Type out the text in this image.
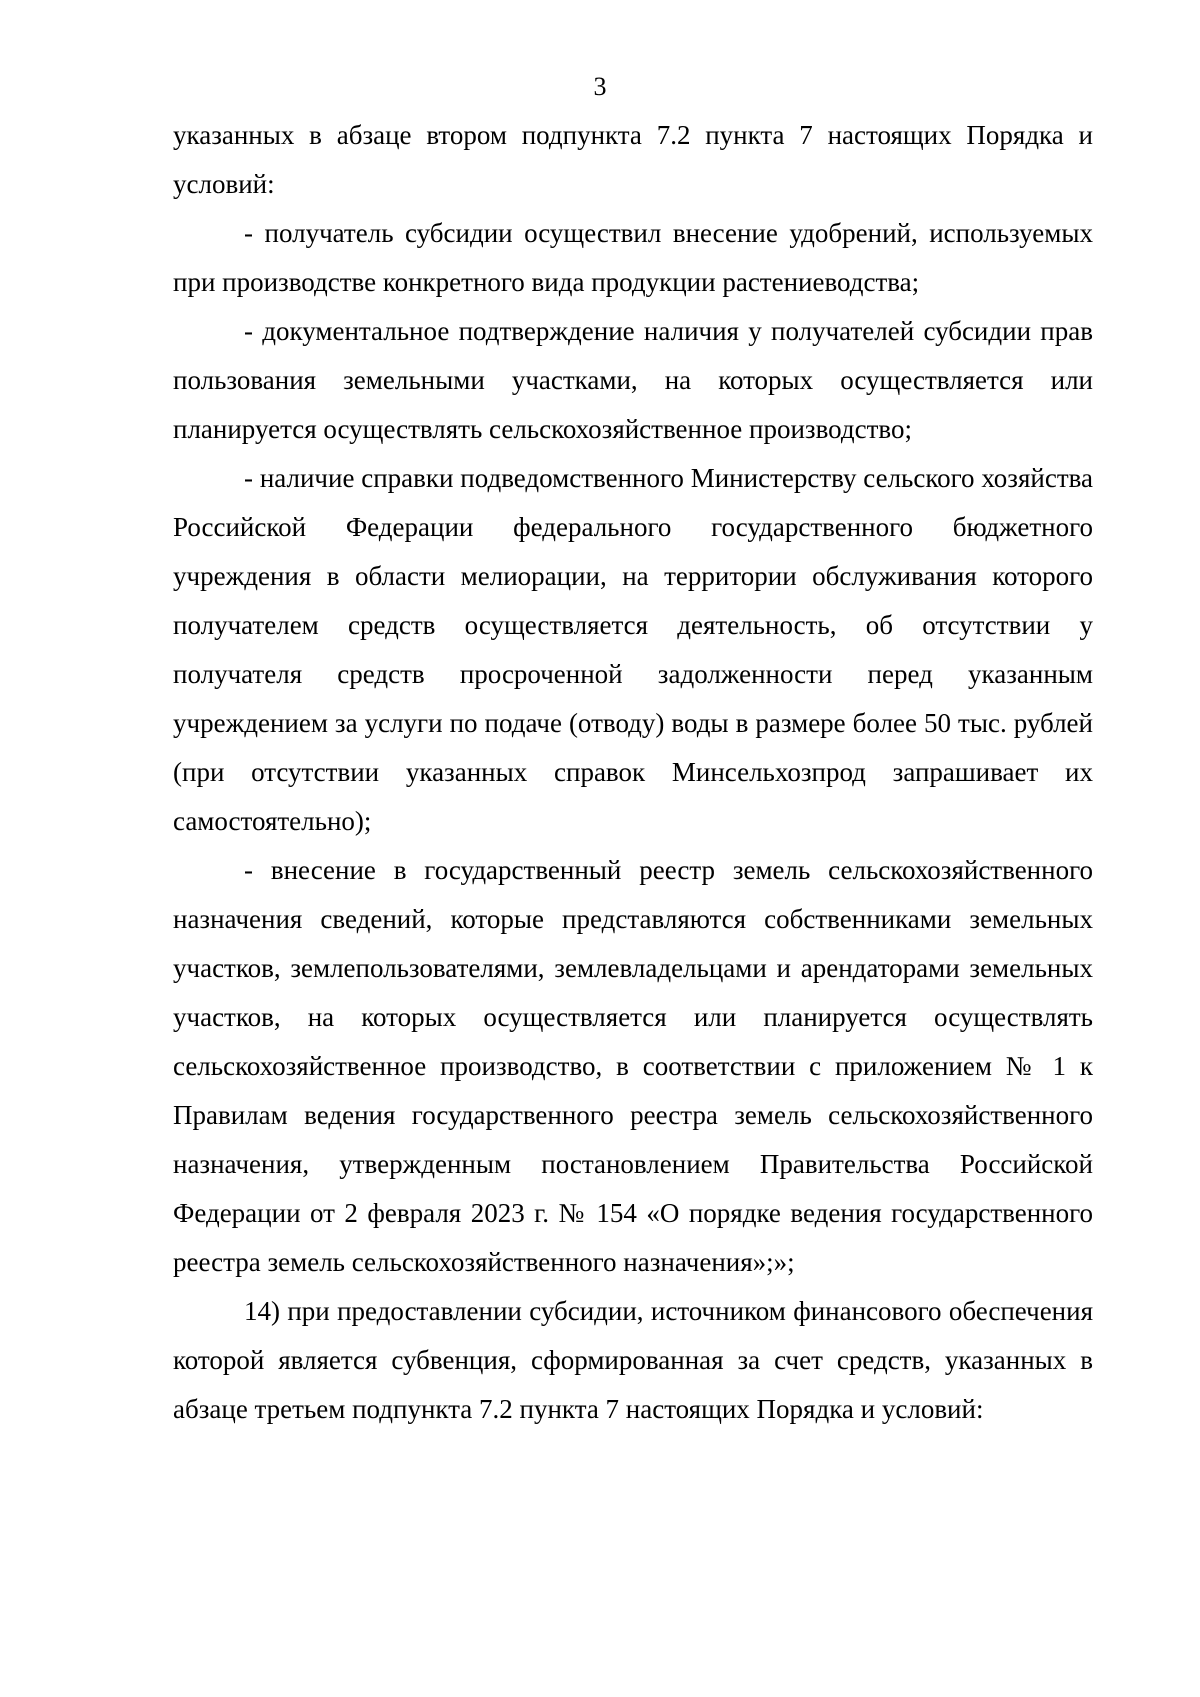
3

указанных в абзаце втором подпункта 7.2 пункта 7 настоящих Порядка и условий:

- получатель субсидии осуществил внесение удобрений, используемых при производстве конкретного вида продукции растениеводства;

- документальное подтверждение наличия у получателей субсидии прав пользования земельными участками, на которых осуществляется или планируется осуществлять сельскохозяйственное производство;

- наличие справки подведомственного Министерству сельского хозяйства Российской Федерации федерального государственного бюджетного учреждения в области мелиорации, на территории обслуживания которого получателем средств осуществляется деятельность, об отсутствии у получателя средств просроченной задолженности перед указанным учреждением за услуги по подаче (отводу) воды в размере более 50 тыс. рублей (при отсутствии указанных справок Минсельхозпрод запрашивает их самостоятельно);

- внесение в государственный реестр земель сельскохозяйственного назначения сведений, которые представляются собственниками земельных участков, землепользователями, землевладельцами и арендаторами земельных участков, на которых осуществляется или планируется осуществлять сельскохозяйственное производство, в соответствии с приложением № 1 к Правилам ведения государственного реестра земель сельскохозяйственного назначения, утвержденным постановлением Правительства Российской Федерации от 2 февраля 2023 г. № 154 «О порядке ведения государственного реестра земель сельскохозяйственного назначения»;»;

14) при предоставлении субсидии, источником финансового обеспечения которой является субвенция, сформированная за счет средств, указанных в абзаце третьем подпункта 7.2 пункта 7 настоящих Порядка и условий:
